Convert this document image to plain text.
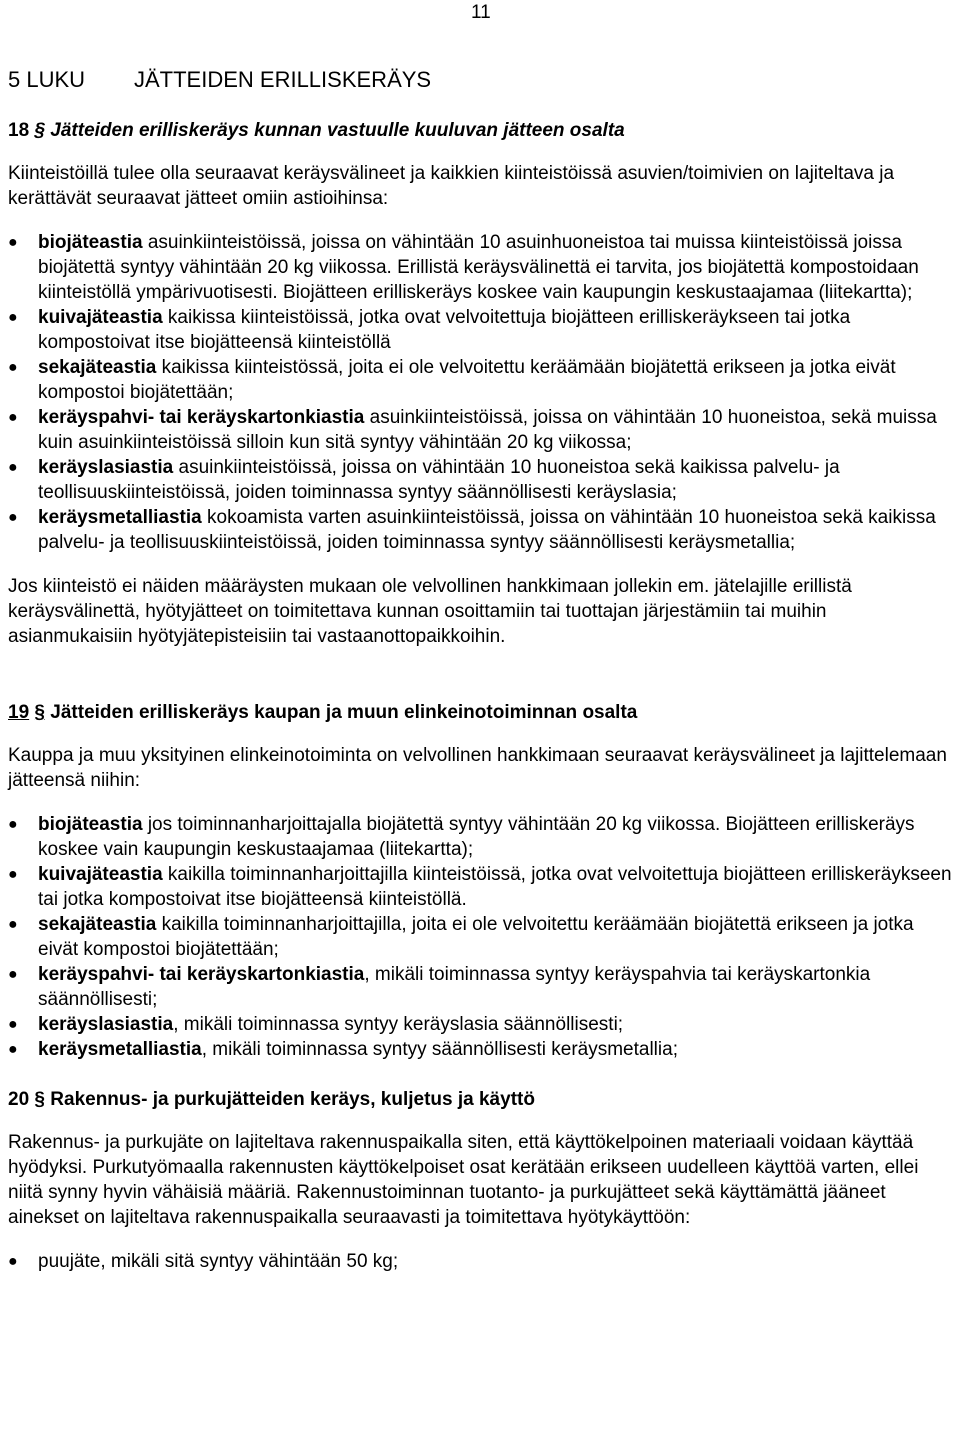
11
5 LUKU JÄTTEIDEN ERILLISKERÄYS
18 § Jätteiden erilliskeräys kunnan vastuulle kuuluvan jätteen osalta

Kiinteistöillä tulee olla seuraavat keräysvälineet ja kaikkien kiinteistöissä asuvien/toimivien on lajiteltava ja kerättävät seuraavat jätteet omiin astioihinsa:

● biojäteastia asuinkiinteistöissä, joissa on vähintään 10 asuinhuoneistoa tai muissa kiinteistöissä joissa biojätettä syntyy vähintään 20 kg viikossa. Erillistä keräysvälinettä ei tarvita, jos biojätettä kompostoidaan kiinteistöllä ympärivuotisesti. Biojätteen erilliskeräys koskee vain kaupungin keskustaajamaa (liitekartta);
● kuivajäteastia kaikissa kiinteistöissä, jotka ovat velvoitettuja biojätteen erilliskeräykseen tai jotka kompostoivat itse biojätteensä kiinteistöllä
● sekajäteastia kaikissa kiinteistössä, joita ei ole velvoitettu keräämään biojätettä erikseen ja jotka eivät kompostoi biojätettään;
● keräyspahvi- tai keräyskartonkiastia asuinkiinteistöissä, joissa on vähintään 10 huoneistoa, sekä muissa kuin asuinkiinteistöissä silloin kun sitä syntyy vähintään 20 kg viikossa;
● keräyslasiastia asuinkiinteistöissä, joissa on vähintään 10 huoneistoa sekä kaikissa palvelu- ja teollisuuskiinteistöissä, joiden toiminnassa syntyy säännöllisesti keräyslasia;
● keräysmetalliastia kokoamista varten asuinkiinteistöissä, joissa on vähintään 10 huoneistoa sekä kaikissa palvelu- ja teollisuuskiinteistöissä, joiden toiminnassa syntyy säännöllisesti keräysmetallia;

Jos kiinteistö ei näiden määräysten mukaan ole velvollinen hankkimaan jollekin em. jätelajille erillistä keräysvälinettä, hyötyjätteet on toimitettava kunnan osoittamiin tai tuottajan järjestämiin tai muihin asianmukaisiin hyötyjätepisteisiin tai vastaanottopaikkoihin.

19 § Jätteiden erilliskeräys kaupan ja muun elinkeinotoiminnan osalta

Kauppa ja muu yksityinen elinkeinotoiminta on velvollinen hankkimaan seuraavat keräysvälineet ja lajittelemaan jätteensä niihin:

● biojäteastia jos toiminnanharjoittajalla biojätettä syntyy vähintään 20 kg viikossa. Biojätteen erilliskeräys koskee vain kaupungin keskustaajamaa (liitekartta);
● kuivajäteastia kaikilla toiminnanharjoittajilla kiinteistöissä, jotka ovat velvoitettuja biojätteen erilliskeräykseen tai jotka kompostoivat itse biojätteensä kiinteistöllä.
● sekajäteastia kaikilla toiminnanharjoittajilla, joita ei ole velvoitettu keräämään biojätettä erikseen ja jotka eivät kompostoi biojätettään;
● keräyspahvi- tai keräyskartonkiastia, mikäli toiminnassa syntyy keräyspahvia tai keräyskartonkia säännöllisesti;
● keräyslasiastia, mikäli toiminnassa syntyy keräyslasia säännöllisesti;
● keräysmetalliastia, mikäli toiminnassa syntyy säännöllisesti keräysmetallia;
20 § Rakennus- ja purkujätteiden keräys, kuljetus ja käyttö

Rakennus- ja purkujäte on lajiteltava rakennuspaikalla siten, että käyttökelpoinen materiaali voidaan käyttää hyödyksi. Purkutyömaalla rakennusten käyttökelpoiset osat kerätään erikseen uudelleen käyttöä varten, ellei niitä synny hyvin vähäisiä määriä. Rakennustoiminnan tuotanto- ja purkujätteet sekä käyttämättä jääneet ainekset on lajiteltava rakennuspaikalla seuraavasti ja toimitettava hyötykäyttöön:

● puujäte, mikäli sitä syntyy vähintään 50 kg;
